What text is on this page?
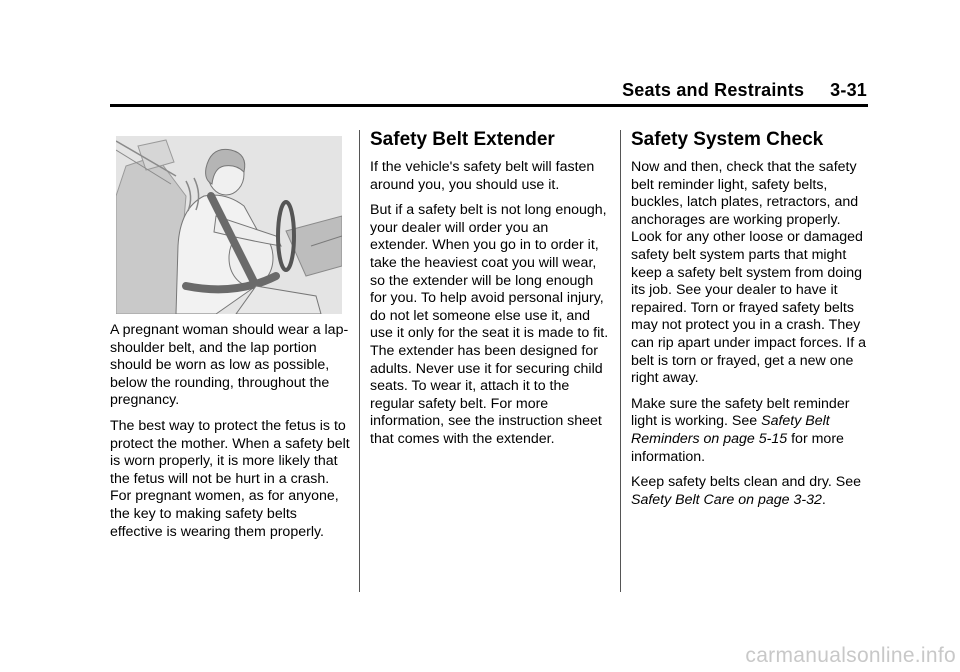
Seats and Restraints 3-31

A pregnant woman should wear a lap-shoulder belt, and the lap portion should be worn as low as possible, below the rounding, throughout the pregnancy.

The best way to protect the fetus is to protect the mother. When a safety belt is worn properly, it is more likely that the fetus will not be hurt in a crash. For pregnant women, as for anyone, the key to making safety belts effective is wearing them properly.

Safety Belt Extender

If the vehicle's safety belt will fasten around you, you should use it.

But if a safety belt is not long enough, your dealer will order you an extender. When you go in to order it, take the heaviest coat you will wear, so the extender will be long enough for you. To help avoid personal injury, do not let someone else use it, and use it only for the seat it is made to fit. The extender has been designed for adults. Never use it for securing child seats. To wear it, attach it to the regular safety belt. For more information, see the instruction sheet that comes with the extender.

Safety System Check

Now and then, check that the safety belt reminder light, safety belts, buckles, latch plates, retractors, and anchorages are working properly. Look for any other loose or damaged safety belt system parts that might keep a safety belt system from doing its job. See your dealer to have it repaired. Torn or frayed safety belts may not protect you in a crash. They can rip apart under impact forces. If a belt is torn or frayed, get a new one right away.

Make sure the safety belt reminder light is working. See Safety Belt Reminders on page 5-15 for more information.

Keep safety belts clean and dry. See Safety Belt Care on page 3-32.

carmanualsonline.info
